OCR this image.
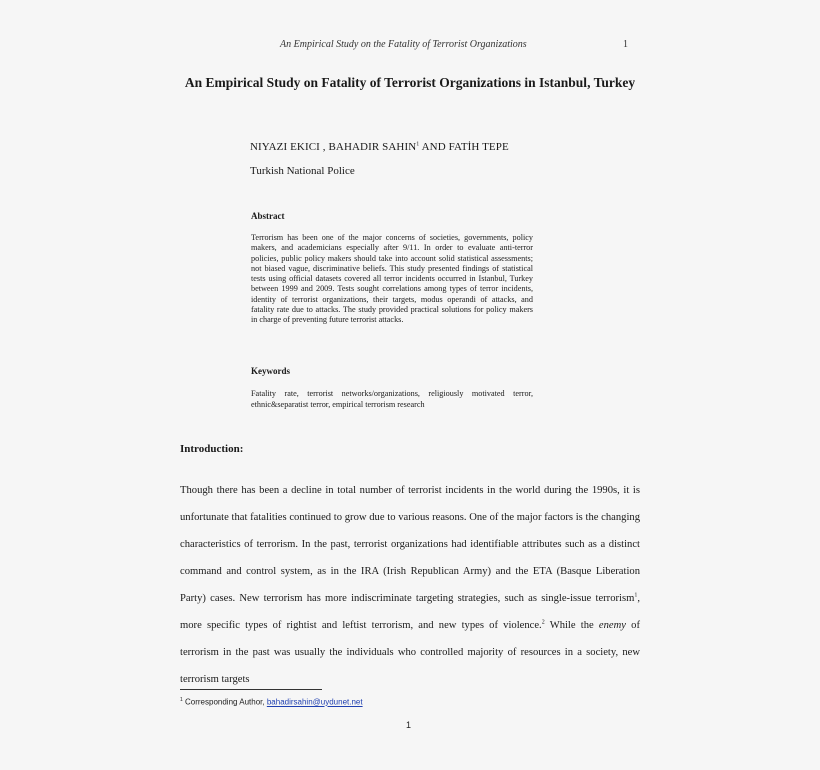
An Empirical Study on the Fatality of Terrorist Organizations	1
An Empirical Study on Fatality of Terrorist Organizations in Istanbul, Turkey
NIYAZI EKICI , BAHADIR SAHIN$^1$ AND FATİH TEPE
Turkish National Police
Abstract
Terrorism has been one of the major concerns of societies, governments, policy makers, and academicians especially after 9/11. In order to evaluate anti-terror policies, public policy makers should take into account solid statistical assessments; not biased vague, discriminative beliefs. This study presented findings of statistical tests using official datasets covered all terror incidents occurred in Istanbul, Turkey between 1999 and 2009. Tests sought correlations among types of terror incidents, identity of terrorist organizations, their targets, modus operandi of attacks, and fatality rate due to attacks. The study provided practical solutions for policy makers in charge of preventing future terrorist attacks.
Keywords
Fatality rate, terrorist networks/organizations, religiously motivated terror, ethnic&separatist terror, empirical terrorism research
Introduction:
Though there has been a decline in total number of terrorist incidents in the world during the 1990s, it is unfortunate that fatalities continued to grow due to various reasons. One of the major factors is the changing characteristics of terrorism. In the past, terrorist organizations had identifiable attributes such as a distinct command and control system, as in the IRA (Irish Republican Army) and the ETA (Basque Liberation Party) cases. New terrorism has more indiscriminate targeting strategies, such as single-issue terrorism$^1$, more specific types of rightist and leftist terrorism, and new types of violence.$^2$ While the enemy of terrorism in the past was usually the individuals who controlled majority of resources in a society, new terrorism targets
$^1$ Corresponding Author, bahadirsahin@uydunet.net
1
